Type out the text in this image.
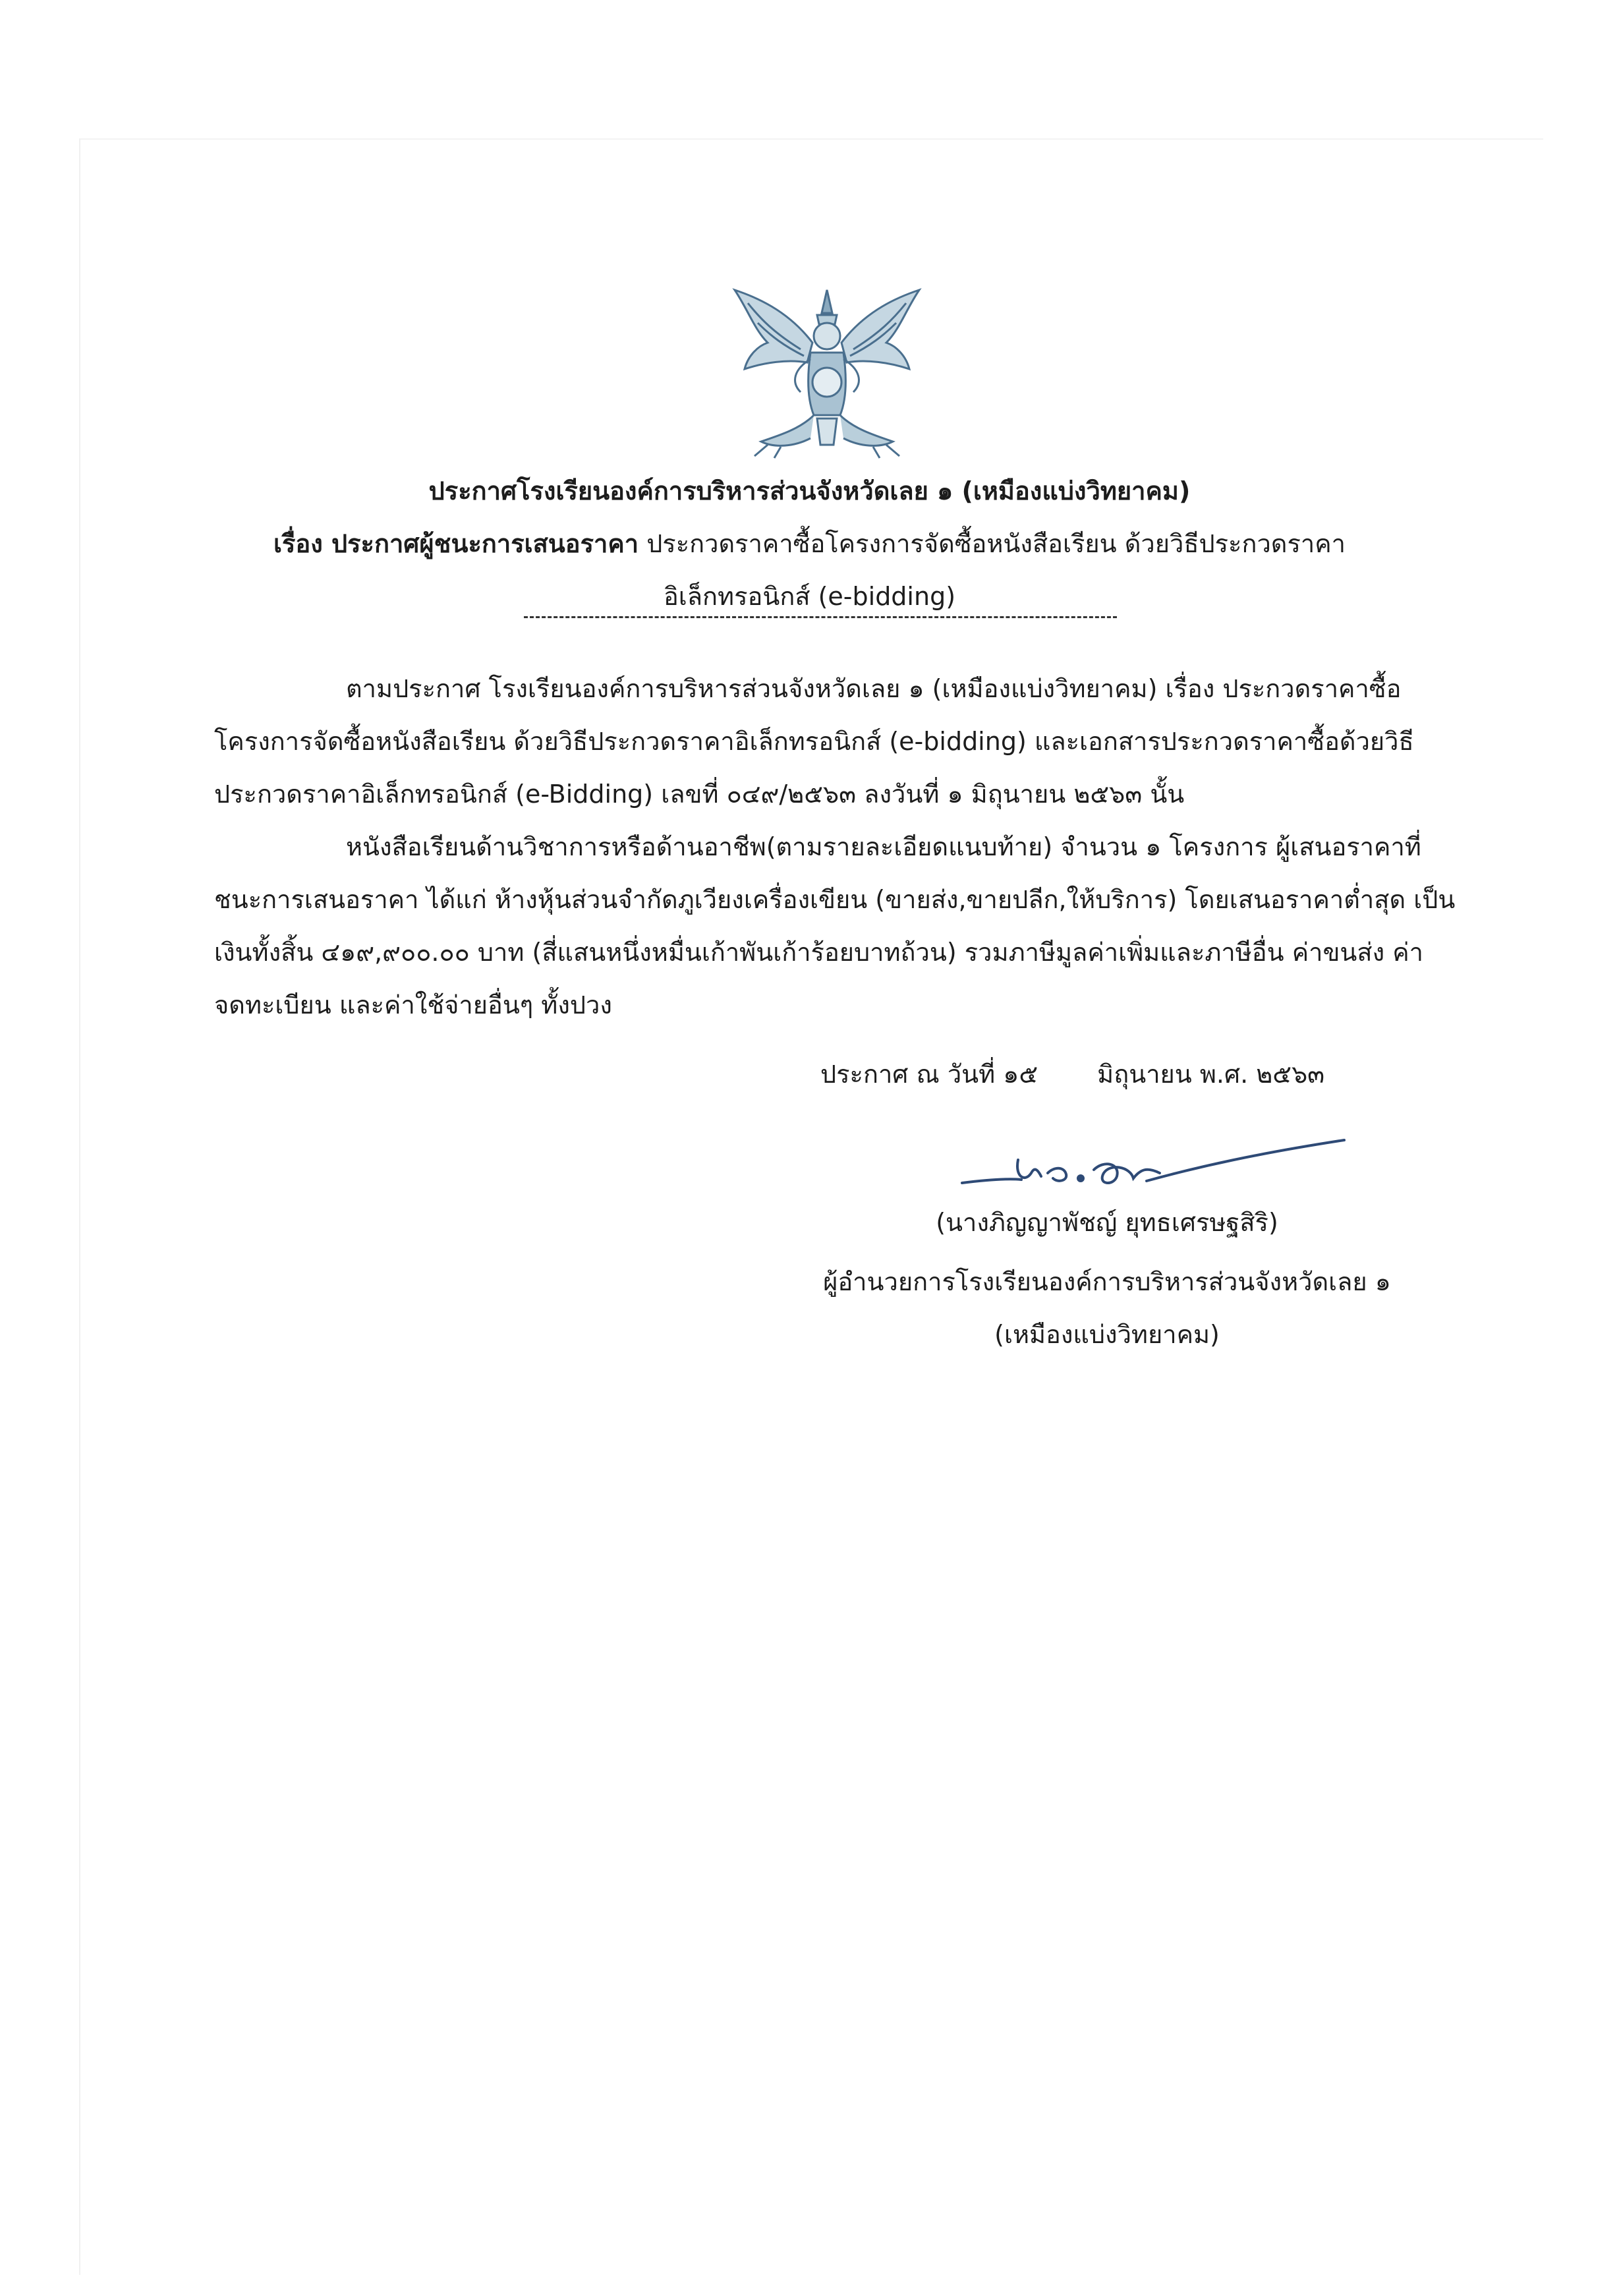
ประกาศโรงเรียนองค์การบริหารส่วนจังหวัดเลย ๑ (เหมืองแบ่งวิทยาคม)
เรื่อง ประกาศผู้ชนะการเสนอราคา ประกวดราคาซื้อโครงการจัดซื้อหนังสือเรียน ด้วยวิธีประกวดราคา
อิเล็กทรอนิกส์ (e-bidding)
ตามประกาศ โรงเรียนองค์การบริหารส่วนจังหวัดเลย ๑ (เหมืองแบ่งวิทยาคม) เรื่อง ประกวดราคาซื้อ
โครงการจัดซื้อหนังสือเรียน ด้วยวิธีประกวดราคาอิเล็กทรอนิกส์ (e-bidding) และเอกสารประกวดราคาซื้อด้วยวิธี
ประกวดราคาอิเล็กทรอนิกส์ (e-Bidding) เลขที่ ๐๔๙/๒๕๖๓ ลงวันที่ ๑ มิถุนายน ๒๕๖๓ นั้น
หนังสือเรียนด้านวิชาการหรือด้านอาชีพ(ตามรายละเอียดแนบท้าย) จำนวน ๑ โครงการ ผู้เสนอราคาที่
ชนะการเสนอราคา ได้แก่ ห้างหุ้นส่วนจำกัดภูเวียงเครื่องเขียน (ขายส่ง,ขายปลีก,ให้บริการ) โดยเสนอราคาต่ำสุด เป็น
เงินทั้งสิ้น ๔๑๙,๙๐๐.๐๐ บาท (สี่แสนหนึ่งหมื่นเก้าพันเก้าร้อยบาทถ้วน) รวมภาษีมูลค่าเพิ่มและภาษีอื่น ค่าขนส่ง ค่า
จดทะเบียน และค่าใช้จ่ายอื่นๆ ทั้งปวง
ประกาศ ณ วันที่ ๑๕ มิถุนายน พ.ศ. ๒๕๖๓
(นางภิญญาพัชญ์ ยุทธเศรษฐสิริ)
ผู้อำนวยการโรงเรียนองค์การบริหารส่วนจังหวัดเลย ๑
(เหมืองแบ่งวิทยาคม)
